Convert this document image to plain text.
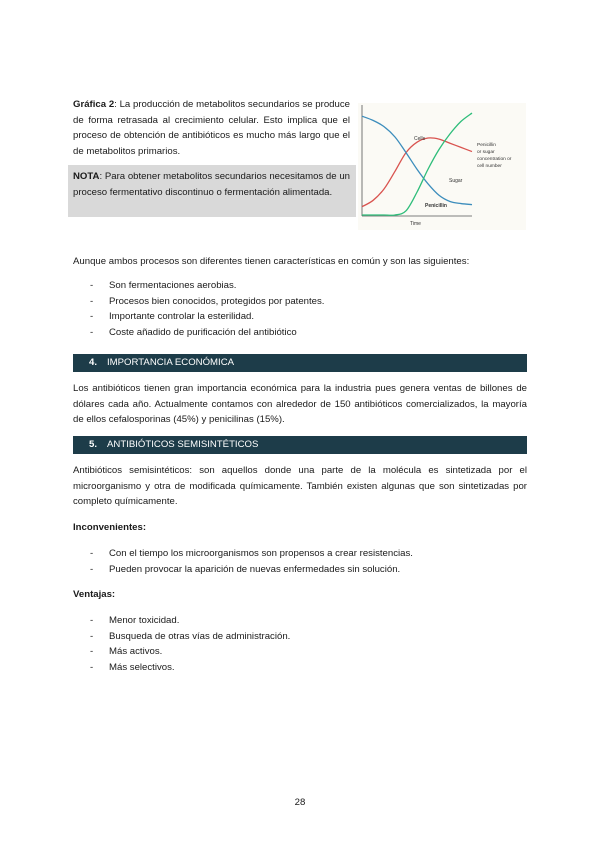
Gráfica 2: La producción de metabolitos secundarios se produce de forma retrasada al crecimiento celular. Esto implica que el proceso de obtención de antibióticos es mucho más largo que el de metabolitos primarios.

NOTA: Para obtener metabolitos secundarios necesitamos de un proceso fermentativo discontinuo o fermentación alimentada.

Cells
Sugar
Penicillin
Penicillin
or sugar
concentration or
cell number
Time

Aunque ambos procesos son diferentes tienen características en común y son las siguientes:

- Son fermentaciones aerobias.
- Procesos bien conocidos, protegidos por patentes.
- Importante controlar la esterilidad.
- Coste añadido de purificación del antibiótico
4. IMPORTANCIA ECONÓMICA

Los antibióticos tienen gran importancia económica para la industria pues genera ventas de billones de dólares cada año. Actualmente contamos con alrededor de 150 antibióticos comercializados, la mayoría de ellos cefalosporinas (45%) y penicilinas (15%).

5. ANTIBIÓTICOS SEMISINTÉTICOS

Antibióticos semisintéticos: son aquellos donde una parte de la molécula es sintetizada por el microorganismo y otra de modificada químicamente. También existen algunas que son sintetizadas por completo químicamente.

Inconvenientes:

- Con el tiempo los microorganismos son propensos a crear resistencias.
- Pueden provocar la aparición de nuevas enfermedades sin solución.

Ventajas:

- Menor toxicidad.
- Busqueda de otras vías de administración.
- Más activos.
- Más selectivos.
28
